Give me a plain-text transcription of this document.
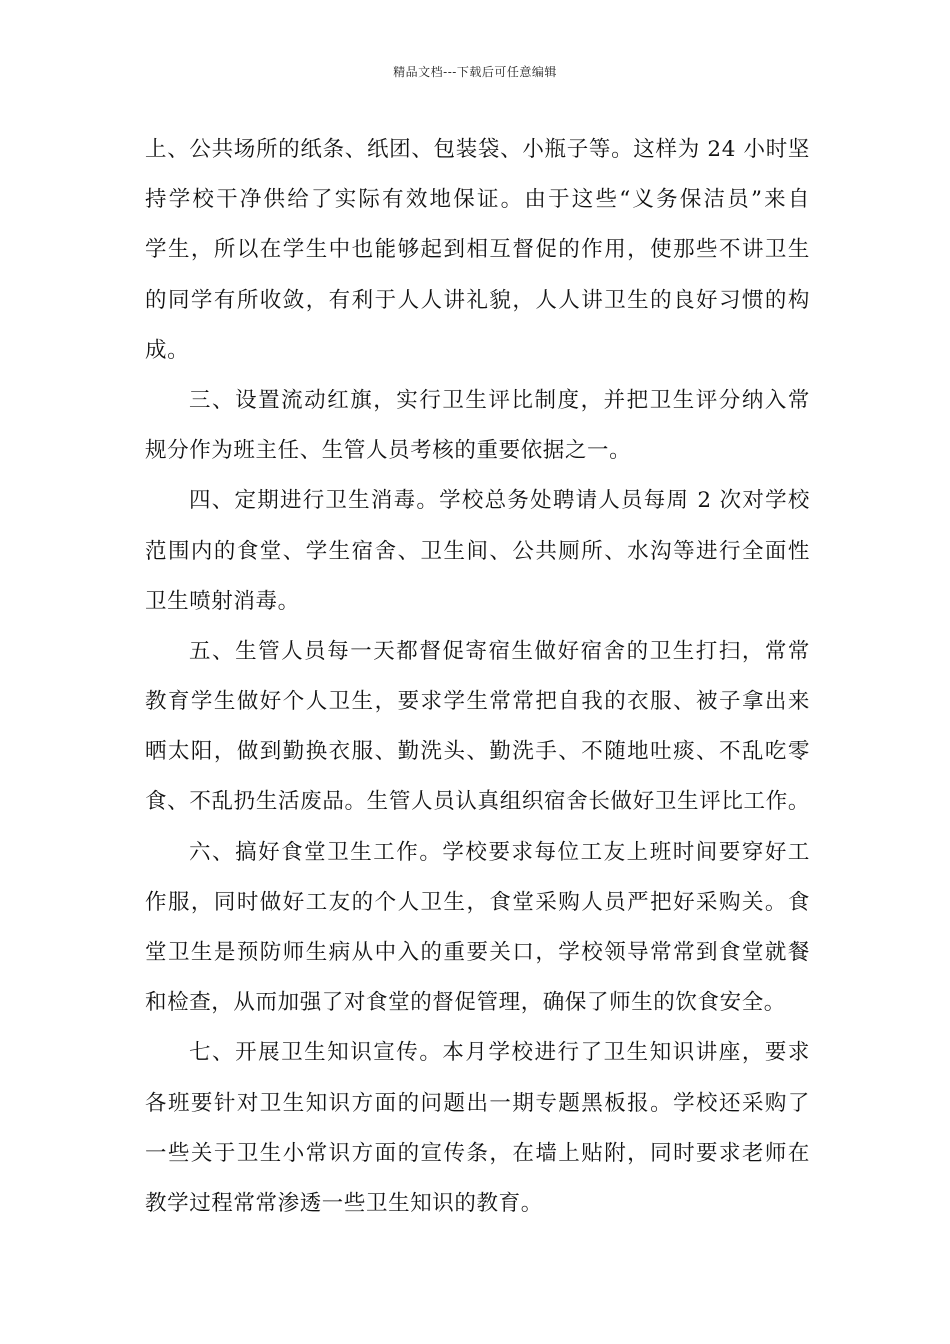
精品文档---下载后可任意编辑
上、公共场所的纸条、纸团、包装袋、小瓶子等。这样为 24 小时坚
持学校干净供给了实际有效地保证。由于这些“义务保洁员”来自
学生，所以在学生中也能够起到相互督促的作用，使那些不讲卫生
的同学有所收敛，有利于人人讲礼貌，人人讲卫生的良好习惯的构
成。
三、设置流动红旗，实行卫生评比制度，并把卫生评分纳入常
规分作为班主任、生管人员考核的重要依据之一。
四、定期进行卫生消毒。学校总务处聘请人员每周 2 次对学校
范围内的食堂、学生宿舍、卫生间、公共厕所、水沟等进行全面性
卫生喷射消毒。
五、生管人员每一天都督促寄宿生做好宿舍的卫生打扫，常常
教育学生做好个人卫生，要求学生常常把自我的衣服、被子拿出来
晒太阳，做到勤换衣服、勤洗头、勤洗手、不随地吐痰、不乱吃零
食、不乱扔生活废品。生管人员认真组织宿舍长做好卫生评比工作。
六、搞好食堂卫生工作。学校要求每位工友上班时间要穿好工
作服，同时做好工友的个人卫生，食堂采购人员严把好采购关。食
堂卫生是预防师生病从中入的重要关口，学校领导常常到食堂就餐
和检查，从而加强了对食堂的督促管理，确保了师生的饮食安全。
七、开展卫生知识宣传。本月学校进行了卫生知识讲座，要求
各班要针对卫生知识方面的问题出一期专题黑板报。学校还采购了
一些关于卫生小常识方面的宣传条，在墙上贴附，同时要求老师在
教学过程常常渗透一些卫生知识的教育。
